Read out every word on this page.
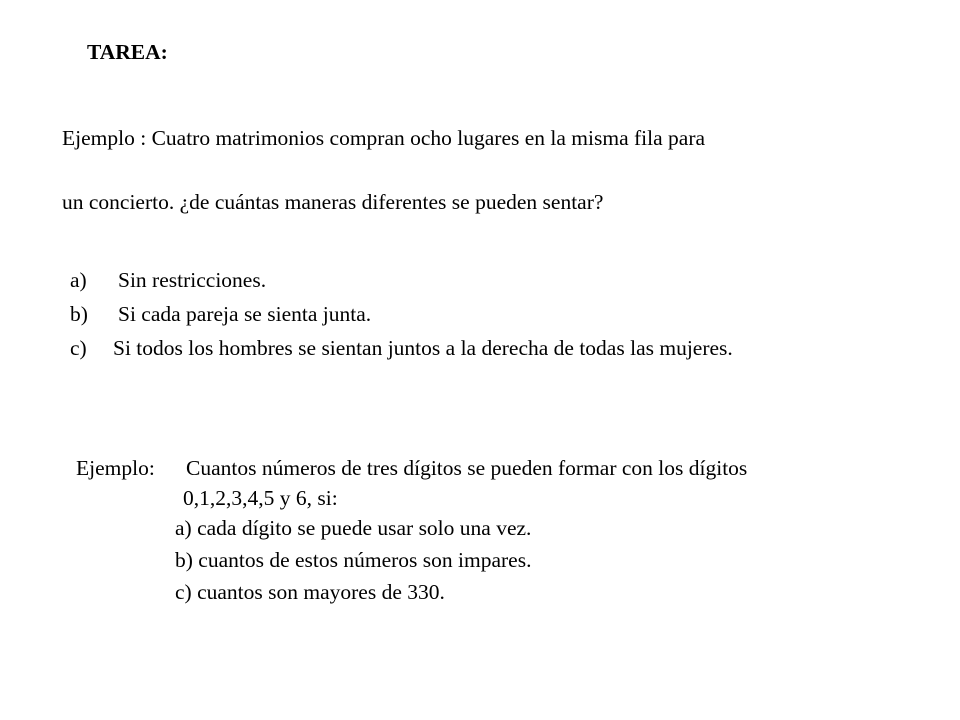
TAREA:
Ejemplo : Cuatro matrimonios compran ocho lugares en la misma fila para
un concierto. ¿de cuántas maneras diferentes se pueden sentar?
a) Sin restricciones.
b) Si cada pareja se sienta junta.
c) Si todos los hombres se sientan juntos a la derecha de todas las mujeres.
Ejemplo: Cuantos números de tres dígitos se pueden formar con los dígitos
0,1,2,3,4,5 y 6, si:
a) cada dígito se puede usar solo una vez.
b) cuantos de estos números son impares.
c) cuantos son mayores de 330.
